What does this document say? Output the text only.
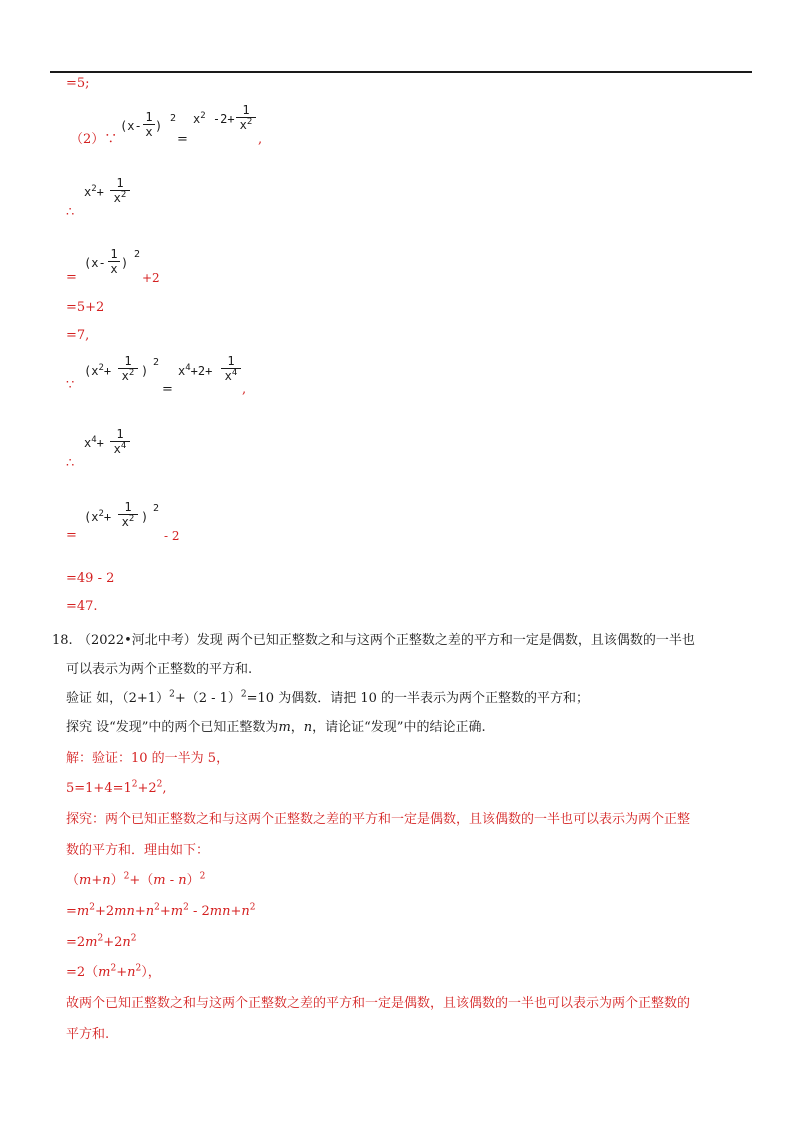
=5;
（2）∵
(x-
1
x )
2
=
$x^2$ -2+
1
$x^2$
,
$x^2+$
1
$x^2$
∴
=
(x-
1
x )
2
+2
=5+2
=7,
∵
($x^2+$
1
$x^2$ )
2
=
$x^4+2+$
1
$x^4$
,
$x^4+$
1
$x^4$
∴
=
($x^2+$
1
$x^2$ )
2
- 2
=49 - 2
=47.
18. （2022•河北中考）发现 两个已知正整数之和与这两个正整数之差的平方和一定是偶数，且该偶数的一半也
可以表示为两个正整数的平方和.
验证 如，$(2+1)^2+(2 - 1)^2=10$ 为偶数．请把 10 的一半表示为两个正整数的平方和；
探究 设“发现”中的两个已知正整数为m，n，请论证“发现”中的结论正确.
解：验证：10 的一半为 5，
$5=1+4=1^2+2^2$,
探究：两个已知正整数之和与这两个正整数之差的平方和一定是偶数，且该偶数的一半也可以表示为两个正整
数的平方和．理由如下：
$(m+n)^2+(m - n)^2$
$=m^2+2mn+n^2+m^2 - 2mn+n^2$
$=2m^2+2n^2$
$=2(m^2+n^2)$，
故两个已知正整数之和与这两个正整数之差的平方和一定是偶数，且该偶数的一半也可以表示为两个正整数的
平方和.
